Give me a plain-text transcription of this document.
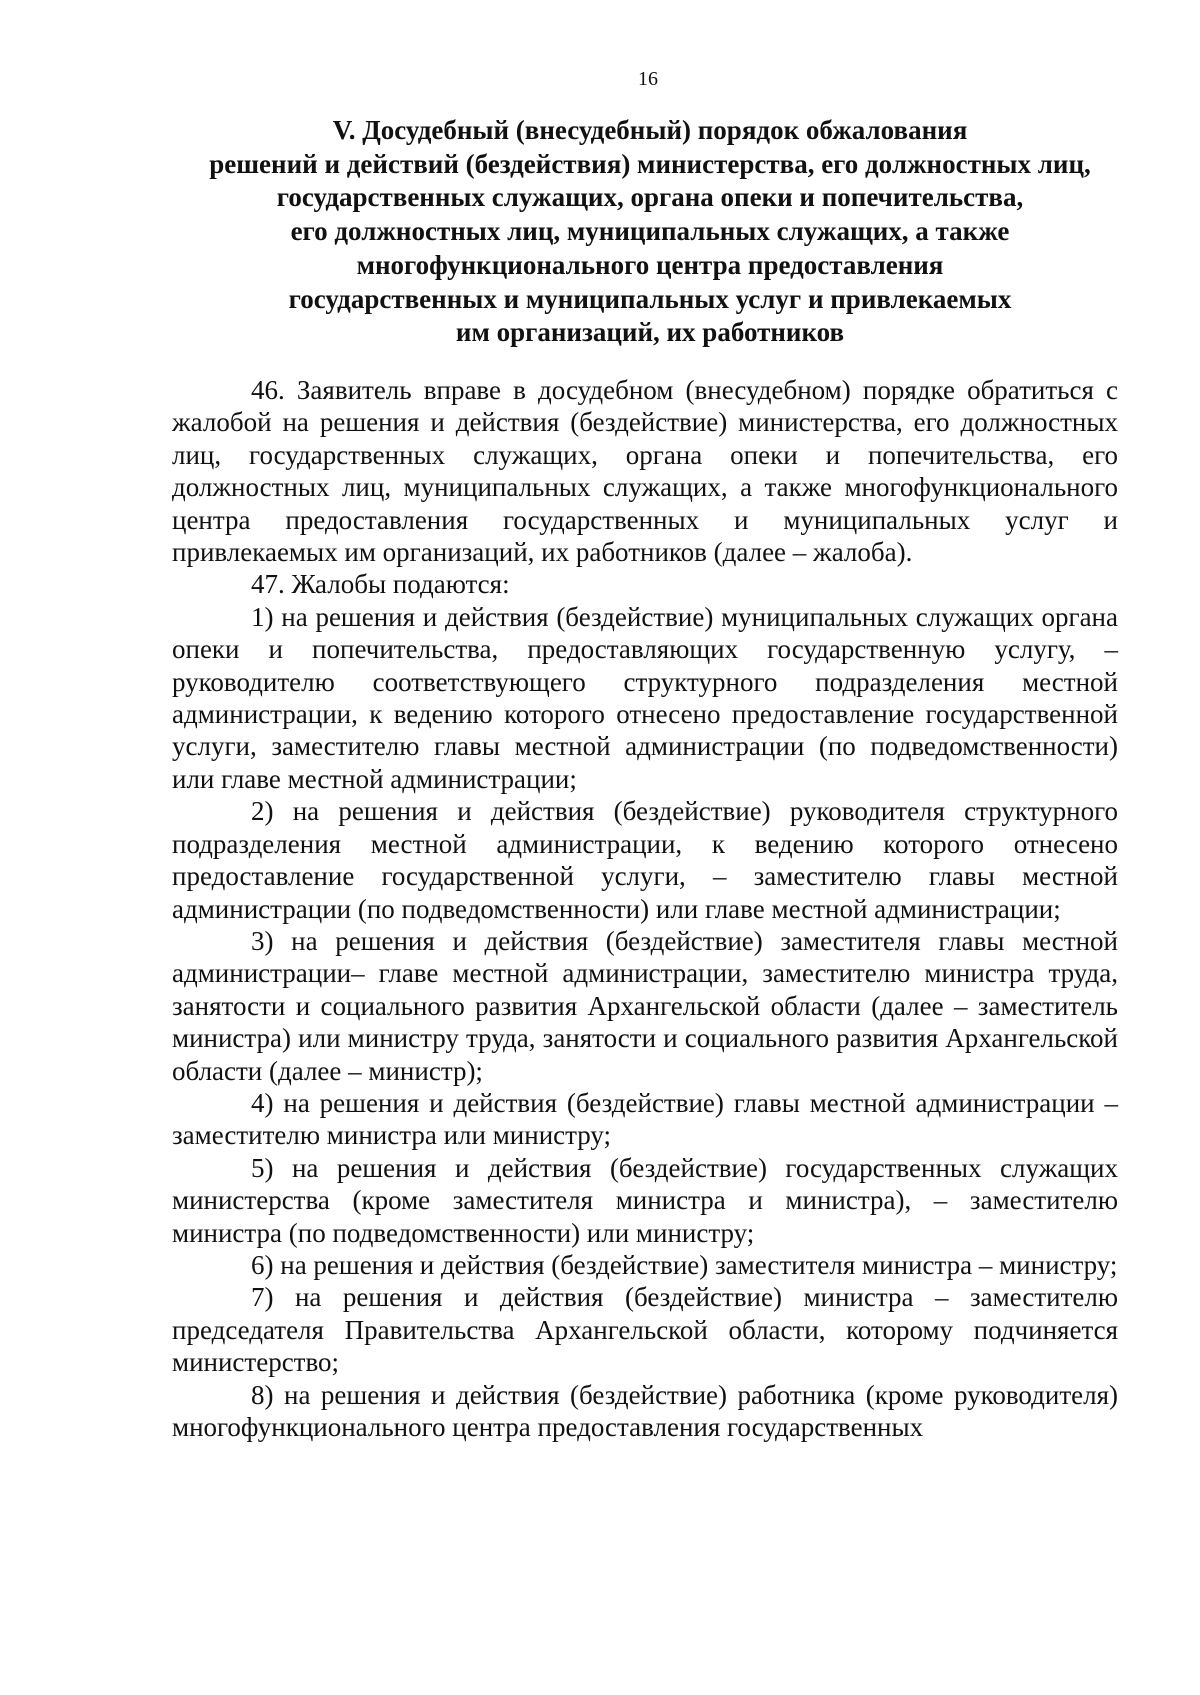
16
V. Досудебный (внесудебный) порядок обжалования
решений и действий (бездействия) министерства, его должностных лиц,
государственных служащих, органа опеки и попечительства,
его должностных лиц, муниципальных служащих, а также
многофункционального центра предоставления
государственных и муниципальных услуг и привлекаемых
им организаций, их работников

46. Заявитель вправе в досудебном (внесудебном) порядке обратиться с жалобой на решения и действия (бездействие) министерства, его должностных лиц, государственных служащих, органа опеки и попечительства, его должностных лиц, муниципальных служащих, а также многофункционального центра предоставления государственных и муниципальных услуг и привлекаемых им организаций, их работников (далее – жалоба).

47. Жалобы подаются:

1) на решения и действия (бездействие) муниципальных служащих органа опеки и попечительства, предоставляющих государственную услугу, – руководителю соответствующего структурного подразделения местной администрации, к ведению которого отнесено предоставление государственной услуги, заместителю главы местной администрации (по подведомственности) или главе местной администрации;

2) на решения и действия (бездействие) руководителя структурного подразделения местной администрации, к ведению которого отнесено предоставление государственной услуги, – заместителю главы местной администрации (по подведомственности) или главе местной администрации;

3) на решения и действия (бездействие) заместителя главы местной администрации– главе местной администрации, заместителю министра труда, занятости и социального развития Архангельской области (далее – заместитель министра) или министру труда, занятости и социального развития Архангельской области (далее – министр);

4) на решения и действия (бездействие) главы местной администрации – заместителю министра или министру;

5) на решения и действия (бездействие) государственных служащих министерства (кроме заместителя министра и министра), – заместителю министра (по подведомственности) или министру;

6) на решения и действия (бездействие) заместителя министра – министру;

7) на решения и действия (бездействие) министра – заместителю председателя Правительства Архангельской области, которому подчиняется министерство;

8) на решения и действия (бездействие) работника (кроме руководителя) многофункционального центра предоставления государственных
